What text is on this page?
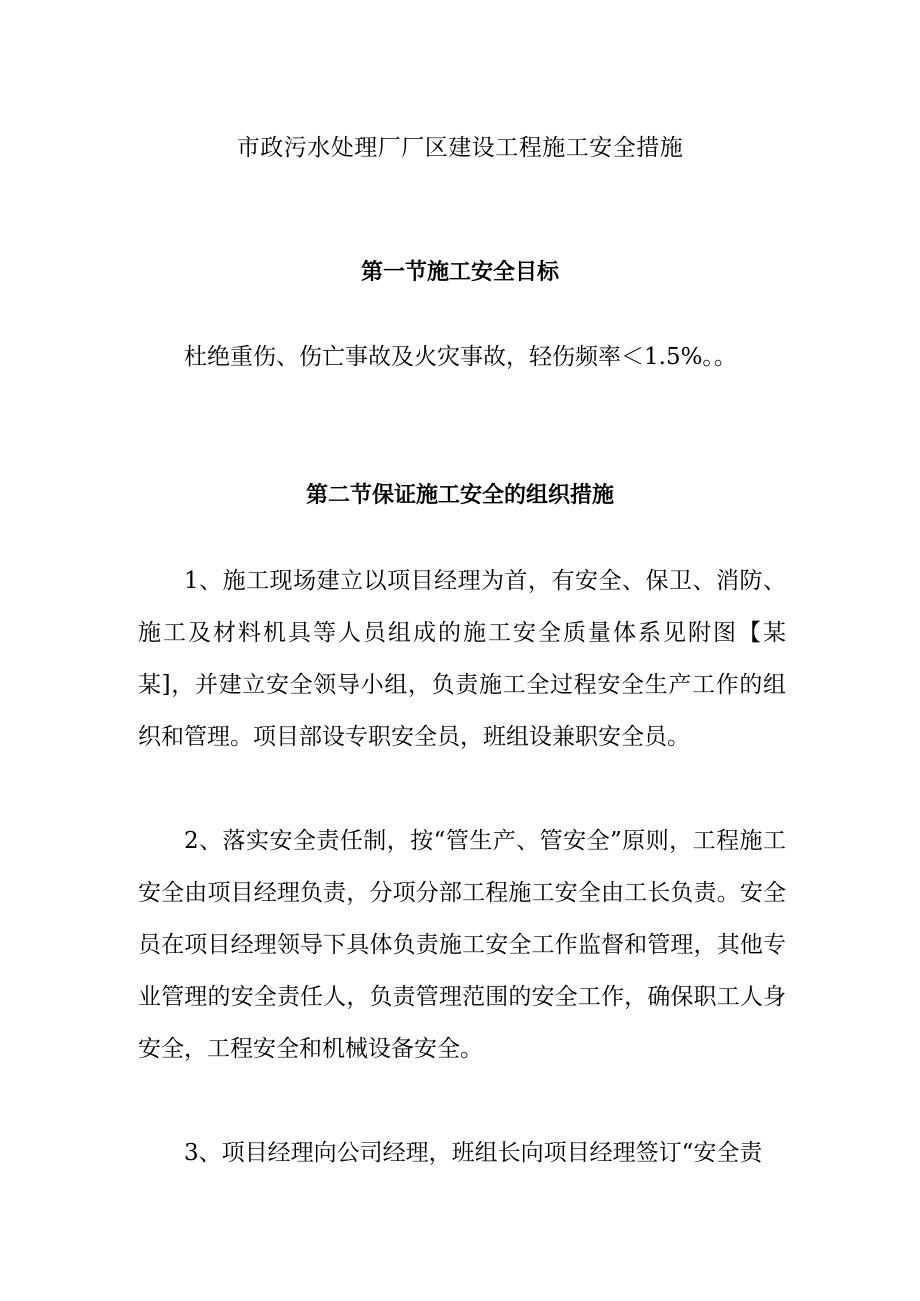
市政污水处理厂厂区建设工程施工安全措施
第一节施工安全目标
杜绝重伤、伤亡事故及火灾事故，轻伤频率＜1.5%。。
第二节保证施工安全的组织措施

1、施工现场建立以项目经理为首，有安全、保卫、消防、施工及材料机具等人员组成的施工安全质量体系见附图【某某]，并建立安全领导小组，负责施工全过程安全生产工作的组织和管理。项目部设专职安全员，班组设兼职安全员。

2、落实安全责任制，按“管生产、管安全”原则，工程施工安全由项目经理负责，分项分部工程施工安全由工长负责。安全员在项目经理领导下具体负责施工安全工作监督和管理，其他专业管理的安全责任人，负责管理范围的安全工作，确保职工人身安全，工程安全和机械设备安全。

3、项目经理向公司经理，班组长向项目经理签订“安全责
